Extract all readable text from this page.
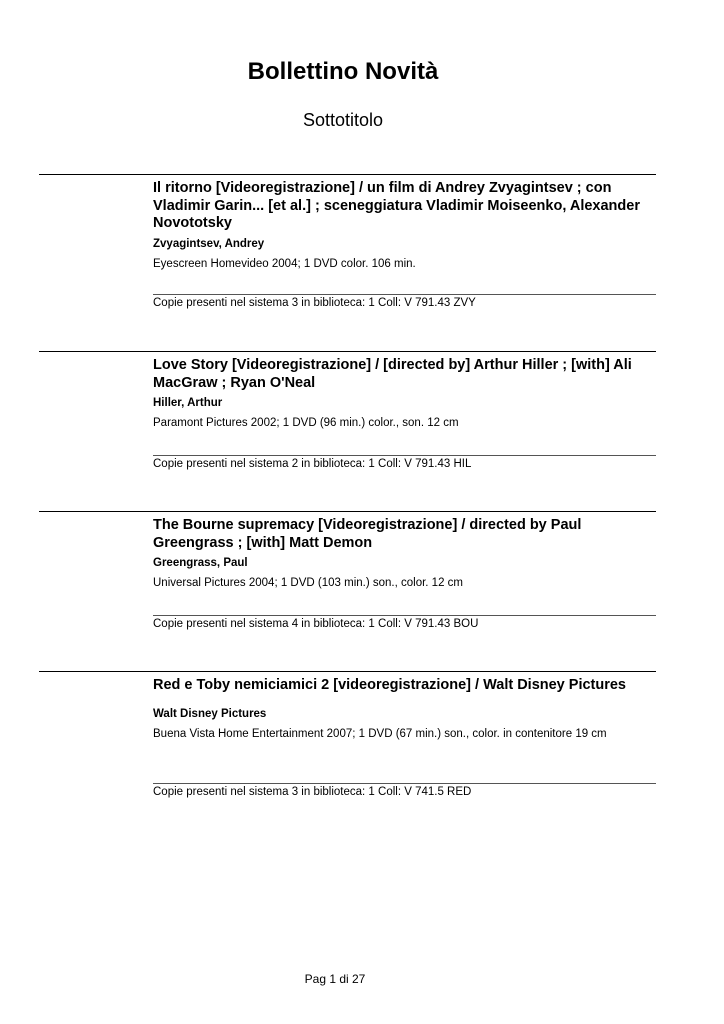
Bollettino Novità
Sottotitolo
Il ritorno [Videoregistrazione] / un film di Andrey Zvyagintsev ; con Vladimir Garin... [et al.] ; sceneggiatura Vladimir Moiseenko, Alexander Novototsky
Zvyagintsev, Andrey
Eyescreen Homevideo 2004; 1 DVD color. 106 min.
Copie presenti nel sistema 3 in biblioteca: 1 Coll: V 791.43 ZVY
Love Story [Videoregistrazione] / [directed by] Arthur Hiller ; [with] Ali MacGraw ; Ryan O'Neal
Hiller, Arthur
Paramont Pictures 2002; 1 DVD (96 min.) color., son. 12 cm
Copie presenti nel sistema 2 in biblioteca: 1 Coll: V 791.43 HIL
The Bourne supremacy [Videoregistrazione] / directed by Paul Greengrass ; [with] Matt Demon
Greengrass, Paul
Universal Pictures 2004; 1 DVD (103 min.) son., color. 12 cm
Copie presenti nel sistema 4 in biblioteca: 1 Coll: V 791.43 BOU
Red e Toby nemiciamici 2 [videoregistrazione] / Walt Disney Pictures
Walt Disney Pictures
Buena Vista Home Entertainment 2007; 1 DVD (67 min.) son., color. in contenitore 19 cm
Copie presenti nel sistema 3 in biblioteca: 1 Coll: V 741.5 RED
Pag 1 di 27
